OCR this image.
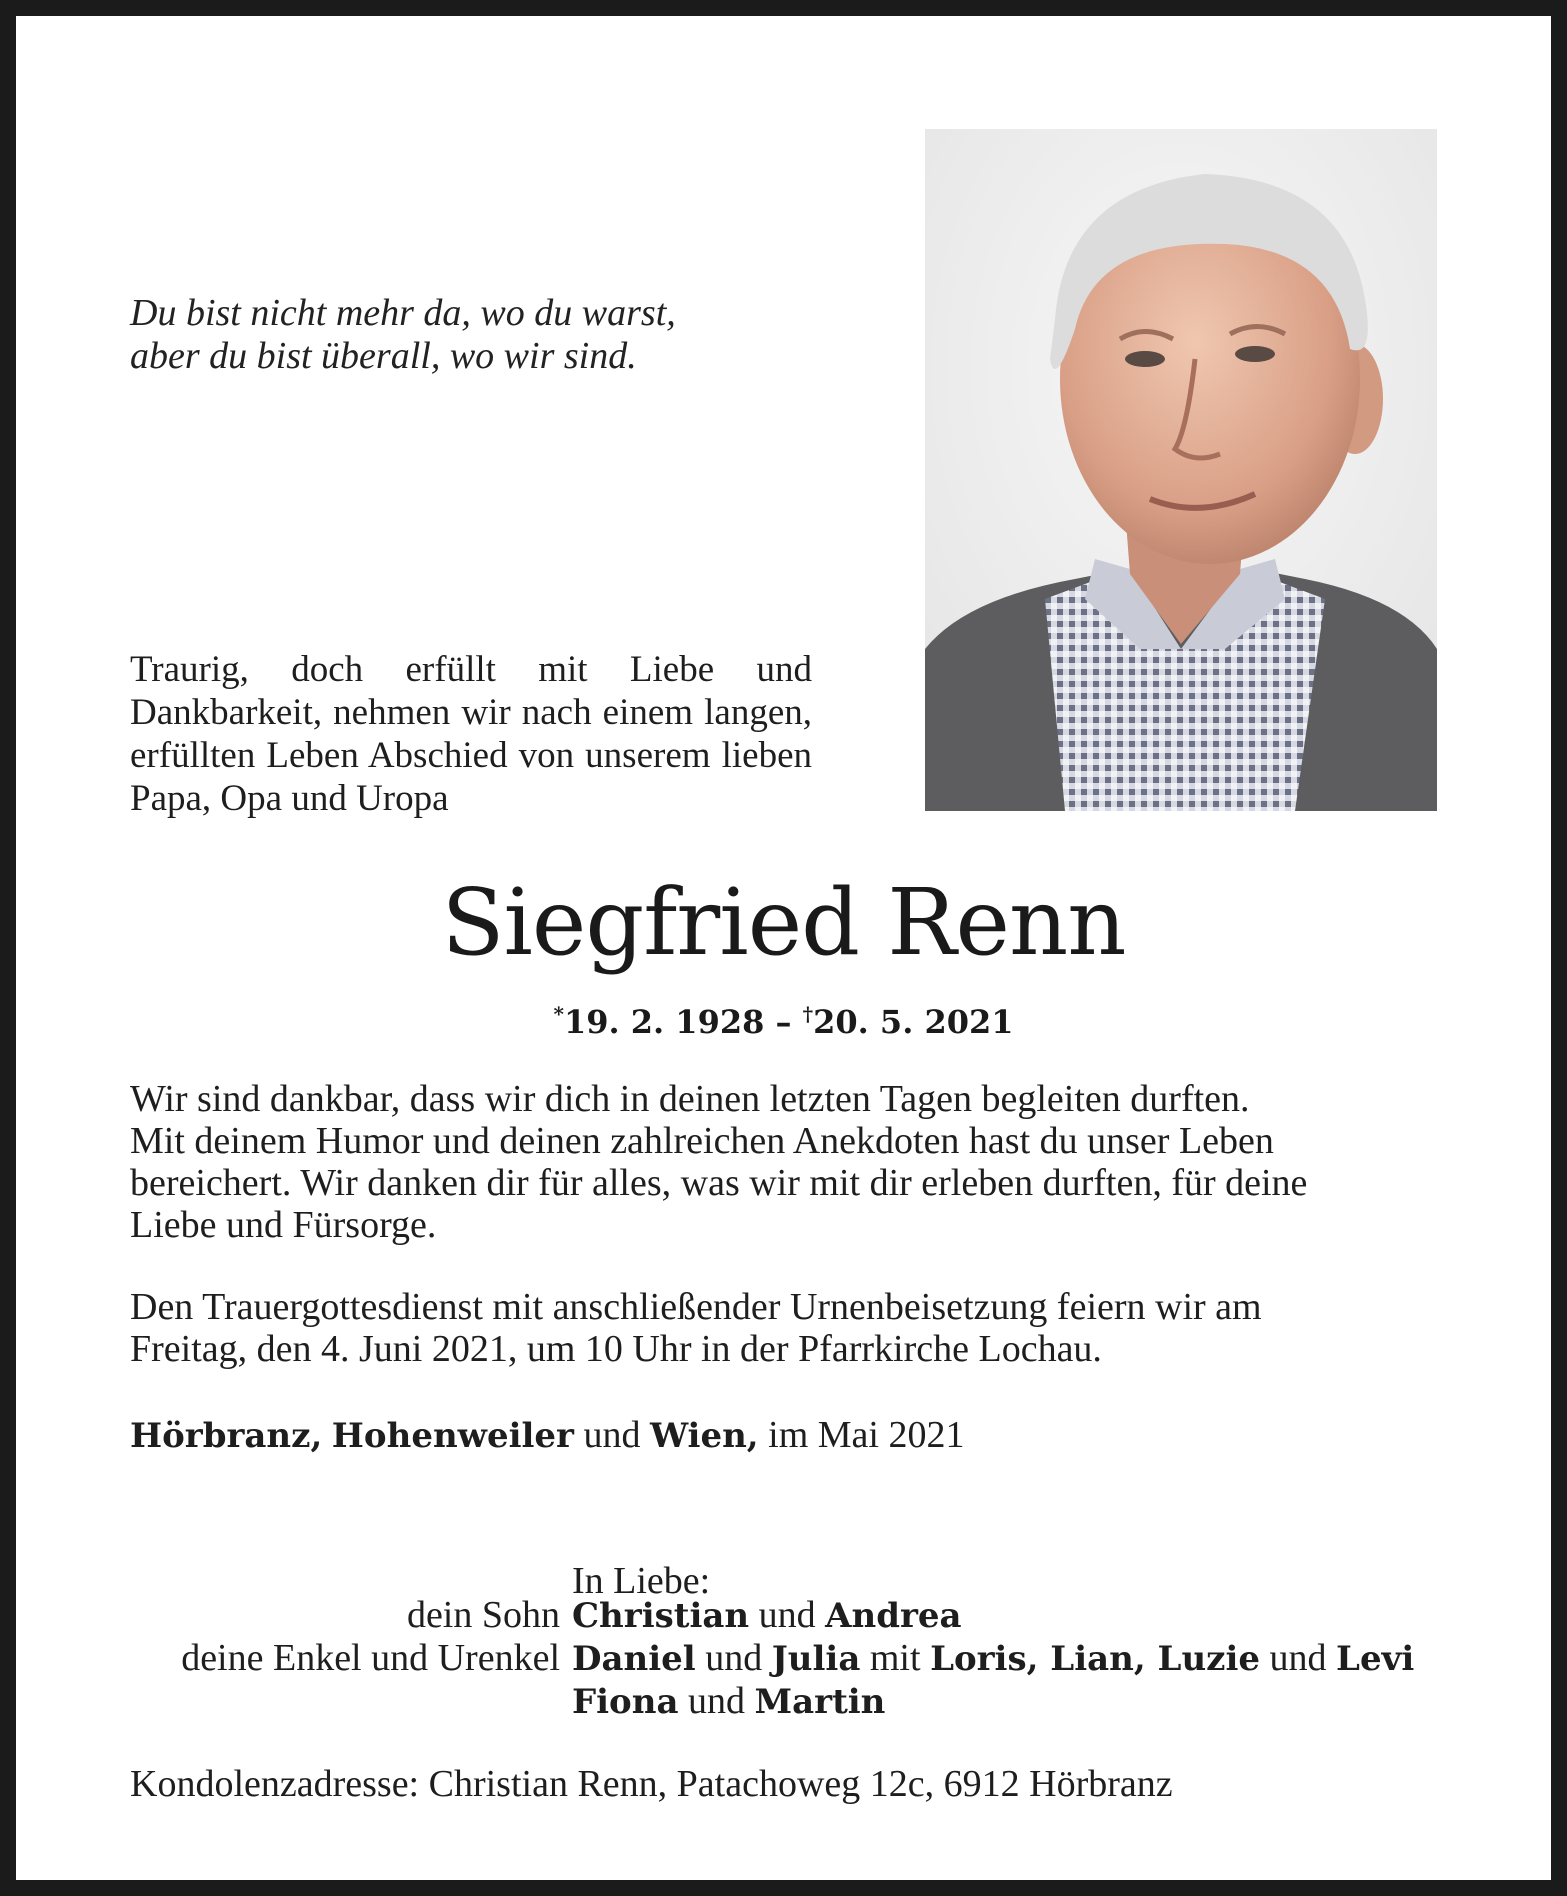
Du bist nicht mehr da, wo du warst,
aber du bist überall, wo wir sind.
Traurig, doch erfüllt mit Liebe und Dankbarkeit, nehmen wir nach einem langen, erfüllten Leben Abschied von unserem lieben Papa, Opa und Uropa
Siegfried Renn
*19. 2. 1928 – †20. 5. 2021
Wir sind dankbar, dass wir dich in deinen letzten Tagen begleiten durften.
Mit deinem Humor und deinen zahlreichen Anekdoten hast du unser Leben
bereichert. Wir danken dir für alles, was wir mit dir erleben durften, für deine
Liebe und Fürsorge.
Den Trauergottesdienst mit anschließender Urnenbeisetzung feiern wir am
Freitag, den 4. Juni 2021, um 10 Uhr in der Pfarrkirche Lochau.
Hörbranz, Hohenweiler und Wien, im Mai 2021
In Liebe:
dein Sohn Christian und Andrea
deine Enkel und Urenkel Daniel und Julia mit Loris, Lian, Luzie und Levi
Fiona und Martin
Kondolenzadresse: Christian Renn, Patachoweg 12c, 6912 Hörbranz
